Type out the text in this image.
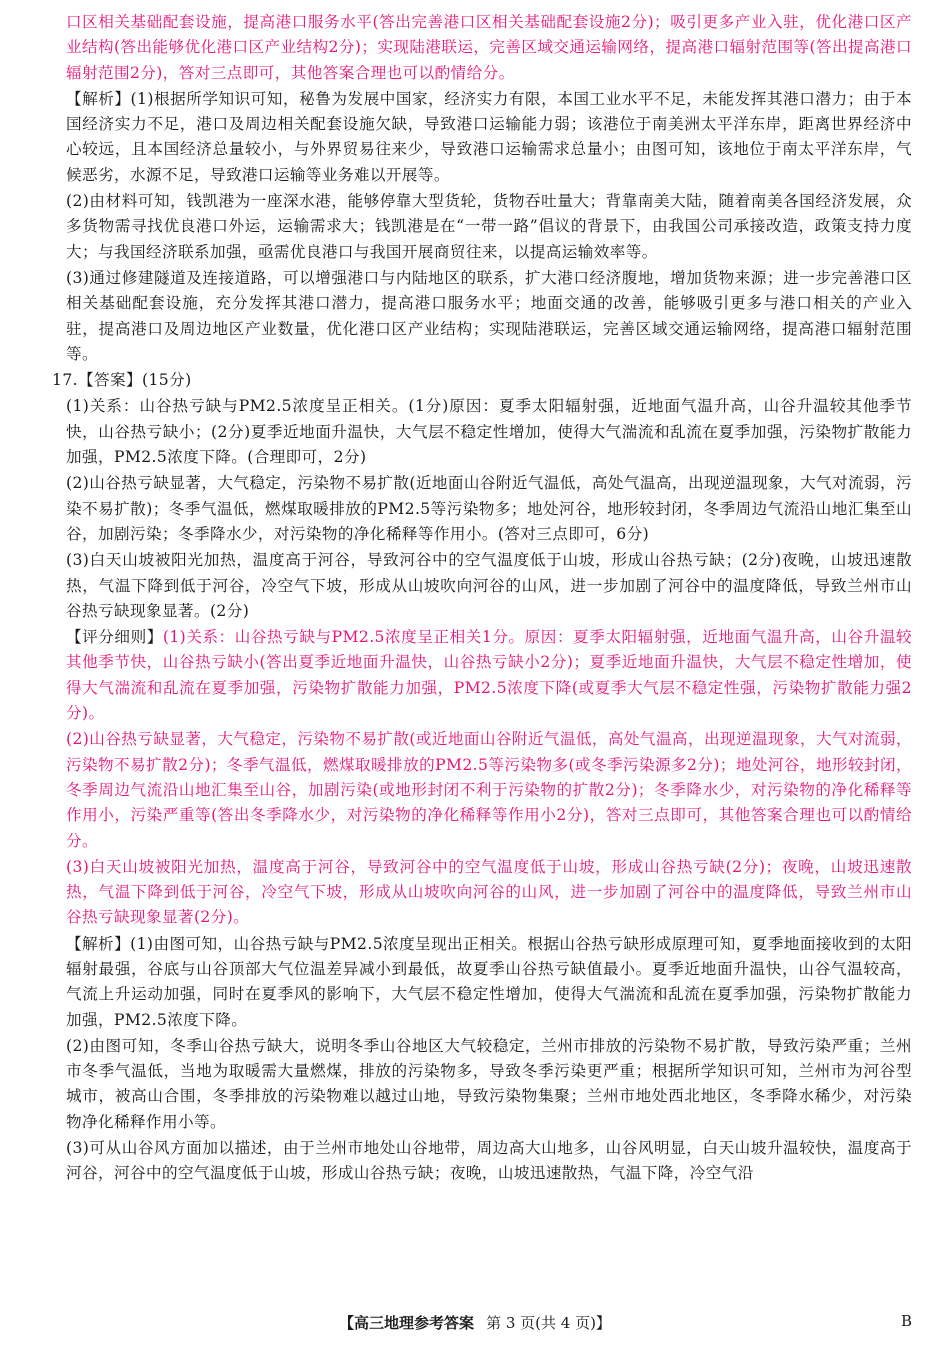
口区相关基础配套设施，提高港口服务水平(答出完善港口区相关基础配套设施2分)；吸引更多产业入驻，优化港口区产业结构(答出能够优化港口区产业结构2分)；实现陆港联运，完善区域交通运输网络，提高港口辐射范围等(答出提高港口辐射范围2分)，答对三点即可，其他答案合理也可以酌情给分。

【解析】(1)根据所学知识可知，秘鲁为发展中国家，经济实力有限，本国工业水平不足，未能发挥其港口潜力；由于本国经济实力不足，港口及周边相关配套设施欠缺，导致港口运输能力弱；该港位于南美洲太平洋东岸，距离世界经济中心较远，且本国经济总量较小，与外界贸易往来少，导致港口运输需求总量小；由图可知，该地位于南太平洋东岸，气候恶劣，水源不足，导致港口运输等业务难以开展等。

(2)由材料可知，钱凯港为一座深水港，能够停靠大型货轮，货物吞吐量大；背靠南美大陆，随着南美各国经济发展，众多货物需寻找优良港口外运，运输需求大；钱凯港是在“一带一路”倡议的背景下，由我国公司承接改造，政策支持力度大；与我国经济联系加强，亟需优良港口与我国开展商贸往来，以提高运输效率等。

(3)通过修建隧道及连接道路，可以增强港口与内陆地区的联系，扩大港口经济腹地，增加货物来源；进一步完善港口区相关基础配套设施，充分发挥其港口潜力，提高港口服务水平；地面交通的改善，能够吸引更多与港口相关的产业入驻，提高港口及周边地区产业数量，优化港口区产业结构；实现陆港联运，完善区域交通运输网络，提高港口辐射范围等。

17.【答案】(15分)

(1)关系：山谷热亏缺与PM2.5浓度呈正相关。(1分)原因：夏季太阳辐射强，近地面气温升高，山谷升温较其他季节快，山谷热亏缺小；(2分)夏季近地面升温快，大气层不稳定性增加，使得大气湍流和乱流在夏季加强，污染物扩散能力加强，PM2.5浓度下降。(合理即可，2分)

(2)山谷热亏缺显著，大气稳定，污染物不易扩散(近地面山谷附近气温低，高处气温高，出现逆温现象，大气对流弱，污染不易扩散)；冬季气温低，燃煤取暖排放的PM2.5等污染物多；地处河谷，地形较封闭，冬季周边气流沿山地汇集至山谷，加剧污染；冬季降水少，对污染物的净化稀释等作用小。(答对三点即可，6分)

(3)白天山坡被阳光加热，温度高于河谷，导致河谷中的空气温度低于山坡，形成山谷热亏缺；(2分)夜晚，山坡迅速散热，气温下降到低于河谷，冷空气下坡，形成从山坡吹向河谷的山风，进一步加剧了河谷中的温度降低，导致兰州市山谷热亏缺现象显著。(2分)

【评分细则】(1)关系：山谷热亏缺与PM2.5浓度呈正相关1分。原因：夏季太阳辐射强，近地面气温升高，山谷升温较其他季节快，山谷热亏缺小(答出夏季近地面升温快，山谷热亏缺小2分)；夏季近地面升温快，大气层不稳定性增加，使得大气湍流和乱流在夏季加强，污染物扩散能力加强，PM2.5浓度下降(或夏季大气层不稳定性强，污染物扩散能力强2分)。

(2)山谷热亏缺显著，大气稳定，污染物不易扩散(或近地面山谷附近气温低，高处气温高，出现逆温现象，大气对流弱，污染物不易扩散2分)；冬季气温低，燃煤取暖排放的PM2.5等污染物多(或冬季污染源多2分)；地处河谷，地形较封闭，冬季周边气流沿山地汇集至山谷，加剧污染(或地形封闭不利于污染物的扩散2分)；冬季降水少，对污染物的净化稀释等作用小，污染严重等(答出冬季降水少，对污染物的净化稀释等作用小2分)，答对三点即可，其他答案合理也可以酌情给分。

(3)白天山坡被阳光加热，温度高于河谷，导致河谷中的空气温度低于山坡，形成山谷热亏缺(2分)；夜晚，山坡迅速散热，气温下降到低于河谷，冷空气下坡，形成从山坡吹向河谷的山风，进一步加剧了河谷中的温度降低，导致兰州市山谷热亏缺现象显著(2分)。

【解析】(1)由图可知，山谷热亏缺与PM2.5浓度呈现出正相关。根据山谷热亏缺形成原理可知，夏季地面接收到的太阳辐射最强，谷底与山谷顶部大气位温差异减小到最低，故夏季山谷热亏缺值最小。夏季近地面升温快，山谷气温较高，气流上升运动加强，同时在夏季风的影响下，大气层不稳定性增加，使得大气湍流和乱流在夏季加强，污染物扩散能力加强，PM2.5浓度下降。

(2)由图可知，冬季山谷热亏缺大，说明冬季山谷地区大气较稳定，兰州市排放的污染物不易扩散，导致污染严重；兰州市冬季气温低，当地为取暖需大量燃煤，排放的污染物多，导致冬季污染更严重；根据所学知识可知，兰州市为河谷型城市，被高山合围，冬季排放的污染物难以越过山地，导致污染物集聚；兰州市地处西北地区，冬季降水稀少，对污染物净化稀释作用小等。

(3)可从山谷风方面加以描述，由于兰州市地处山谷地带，周边高大山地多，山谷风明显，白天山坡升温较快，温度高于河谷，河谷中的空气温度低于山坡，形成山谷热亏缺；夜晚，山坡迅速散热，气温下降，冷空气沿

【高三地理参考答案 第 3 页(共 4 页)】	B
